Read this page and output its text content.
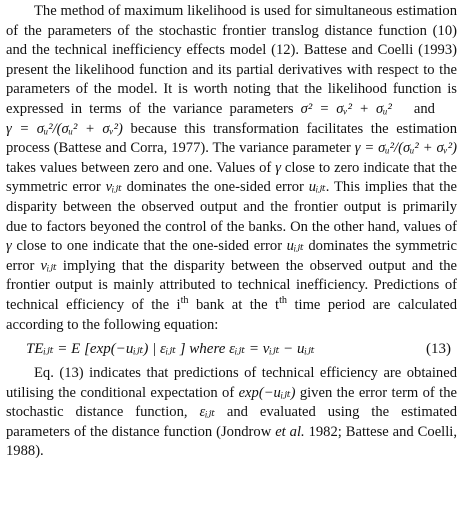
The method of maximum likelihood is used for simultaneous estimation of the parameters of the stochastic frontier translog distance function (10) and the technical inefficiency effects model (12). Battese and Coelli (1993) present the likelihood function and its partial derivatives with respect to the parameters of the model. It is worth noting that the likelihood function is expressed in terms of the variance parameters σ² = σᵥ² + σᵤ² andγ = σᵤ²/(σᵤ² + σᵥ²) because this transformation facilitates the estimation process (Battese and Corra, 1977). The variance parameter γ = σᵤ²/(σᵤ² + σᵥ²) takes values between zero and one. Values of γ close to zero indicate that the symmetric error vᵢⱼₜ dominates the one-sided error uᵢⱼₜ. This implies that the disparity between the observed output and the frontier output is primarily due to factors beyoned the control of the banks. On the other hand, values of γ close to one indicate that the one-sided error uᵢⱼₜ dominates the symmetric error vᵢⱼₜ implying that the disparity between the observed output and the frontier output is mainly attributed to technical inefficiency. Predictions of technical efficiency of the $i^{th}$ bank at the $t^{th}$ time period are calculated according to the following equation:

TEᵢⱼₜ = E [exp(−uᵢⱼₜ) | εᵢⱼₜ ] where εᵢⱼₜ = vᵢⱼₜ − uᵢⱼₜ	(13)

Eq. (13) indicates that predictions of technical efficiency are obtained utilising the conditional expectation of exp(−uᵢⱼₜ) given the error term of the stochastic distance function, εᵢⱼₜ and evaluated using the estimated parameters of the distance function (Jondrow et al. 1982; Battese and Coelli, 1988).
